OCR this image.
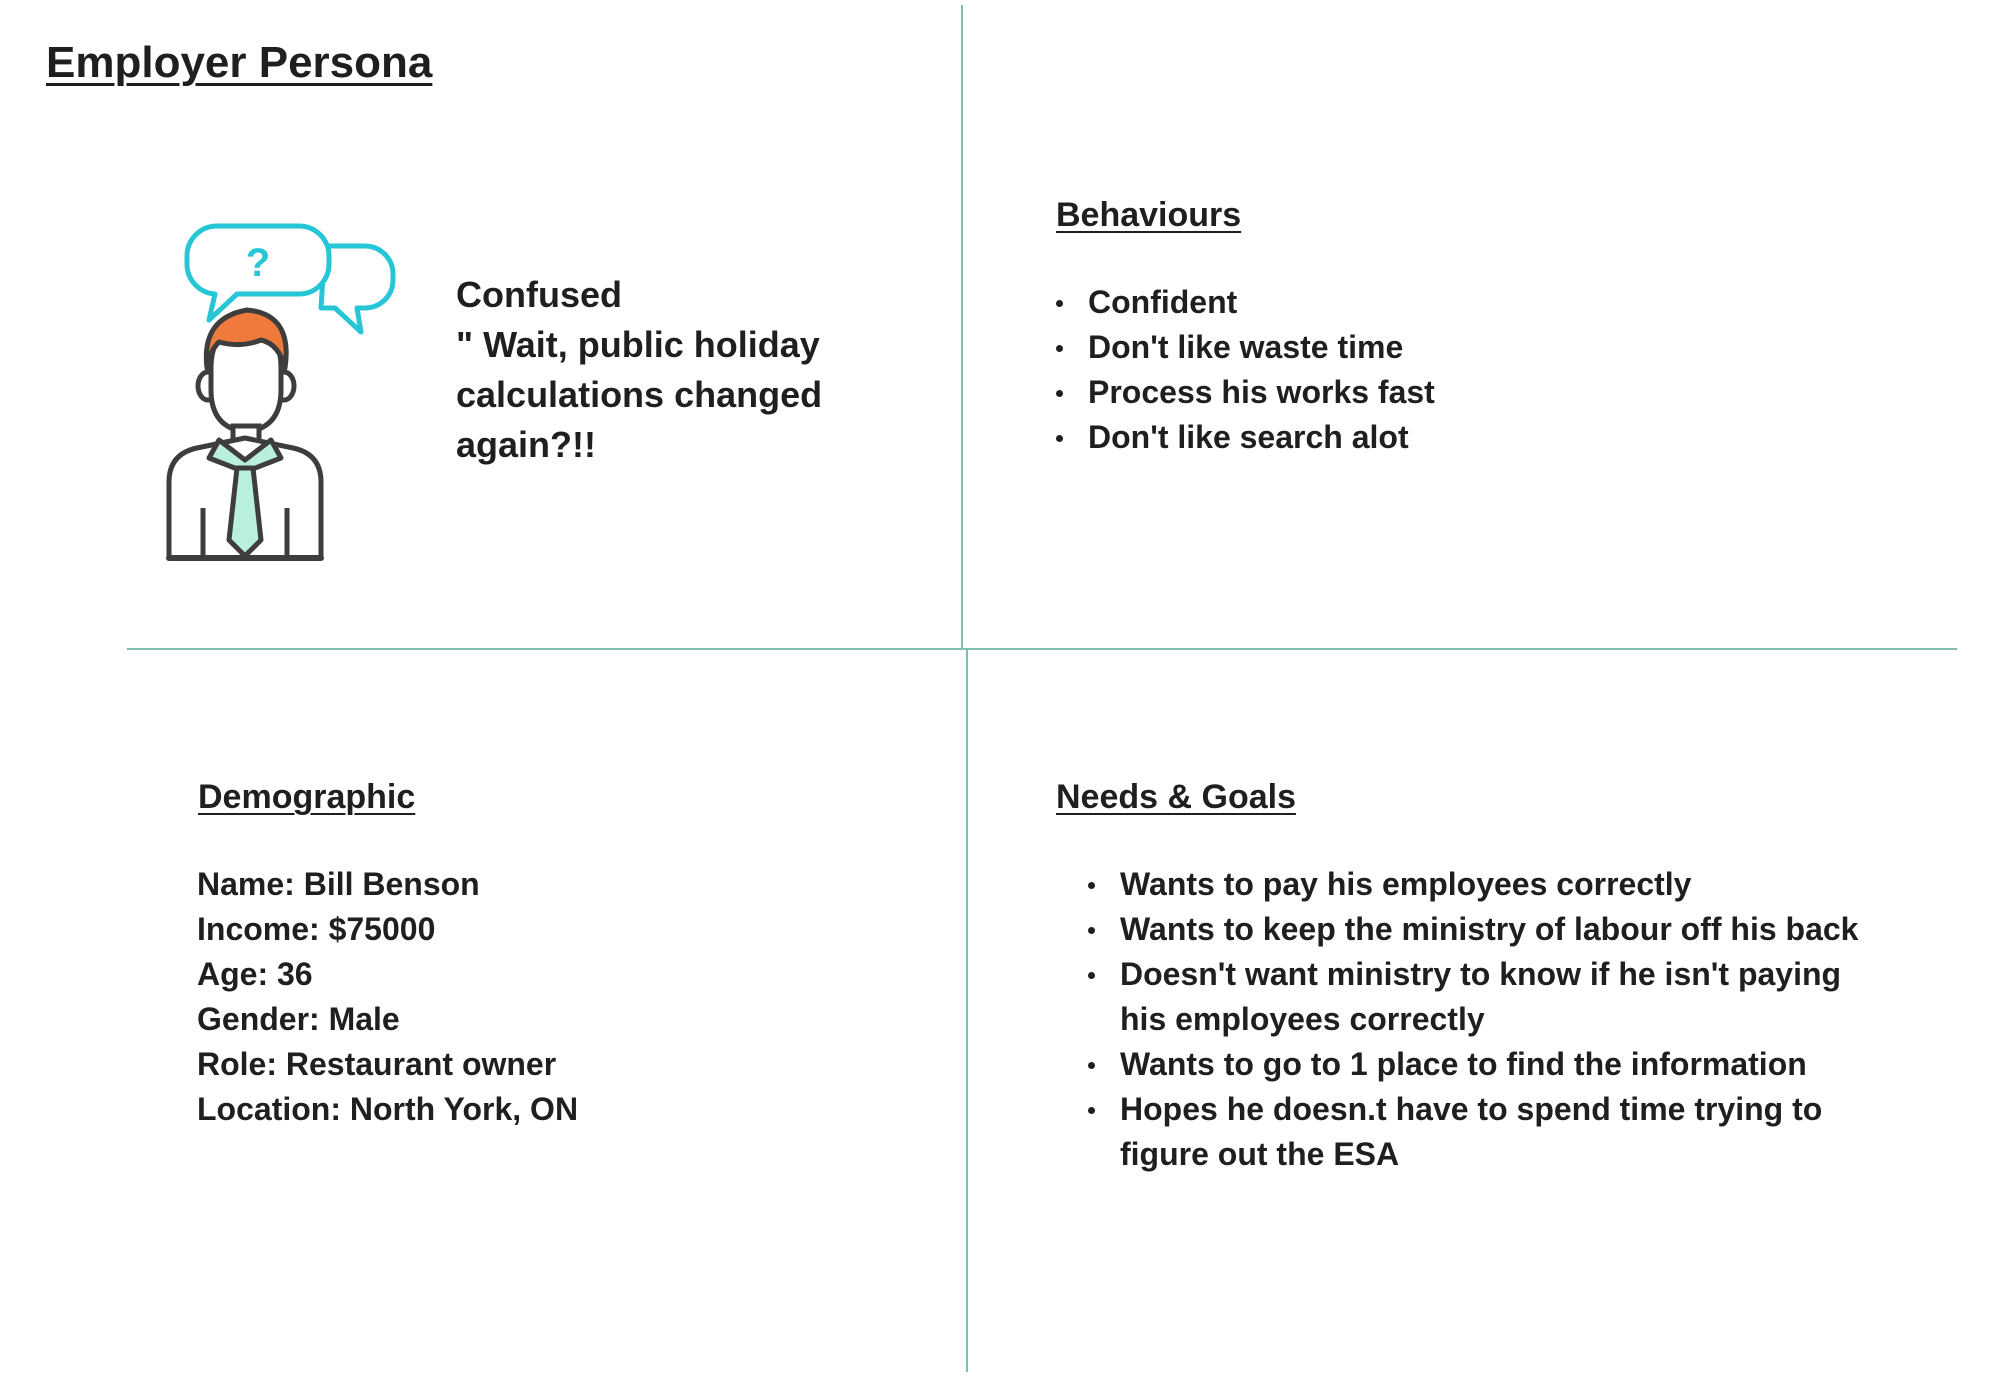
Employer Persona
?
Confused
" Wait, public holiday calculations changed again?!!
Behaviours
Confident
Don't like waste time
Process his works fast
Don't like search alot
Demographic
Name: Bill Benson
Income: $75000
Age: 36
Gender: Male
Role: Restaurant owner
Location: North York, ON
Needs & Goals
Wants to pay his employees correctly
Wants to keep the ministry of labour off his back
Doesn't want ministry to know if he isn't paying his employees correctly
Wants to go to 1 place to find the information
Hopes he doesn.t have to spend time trying to figure out the ESA
